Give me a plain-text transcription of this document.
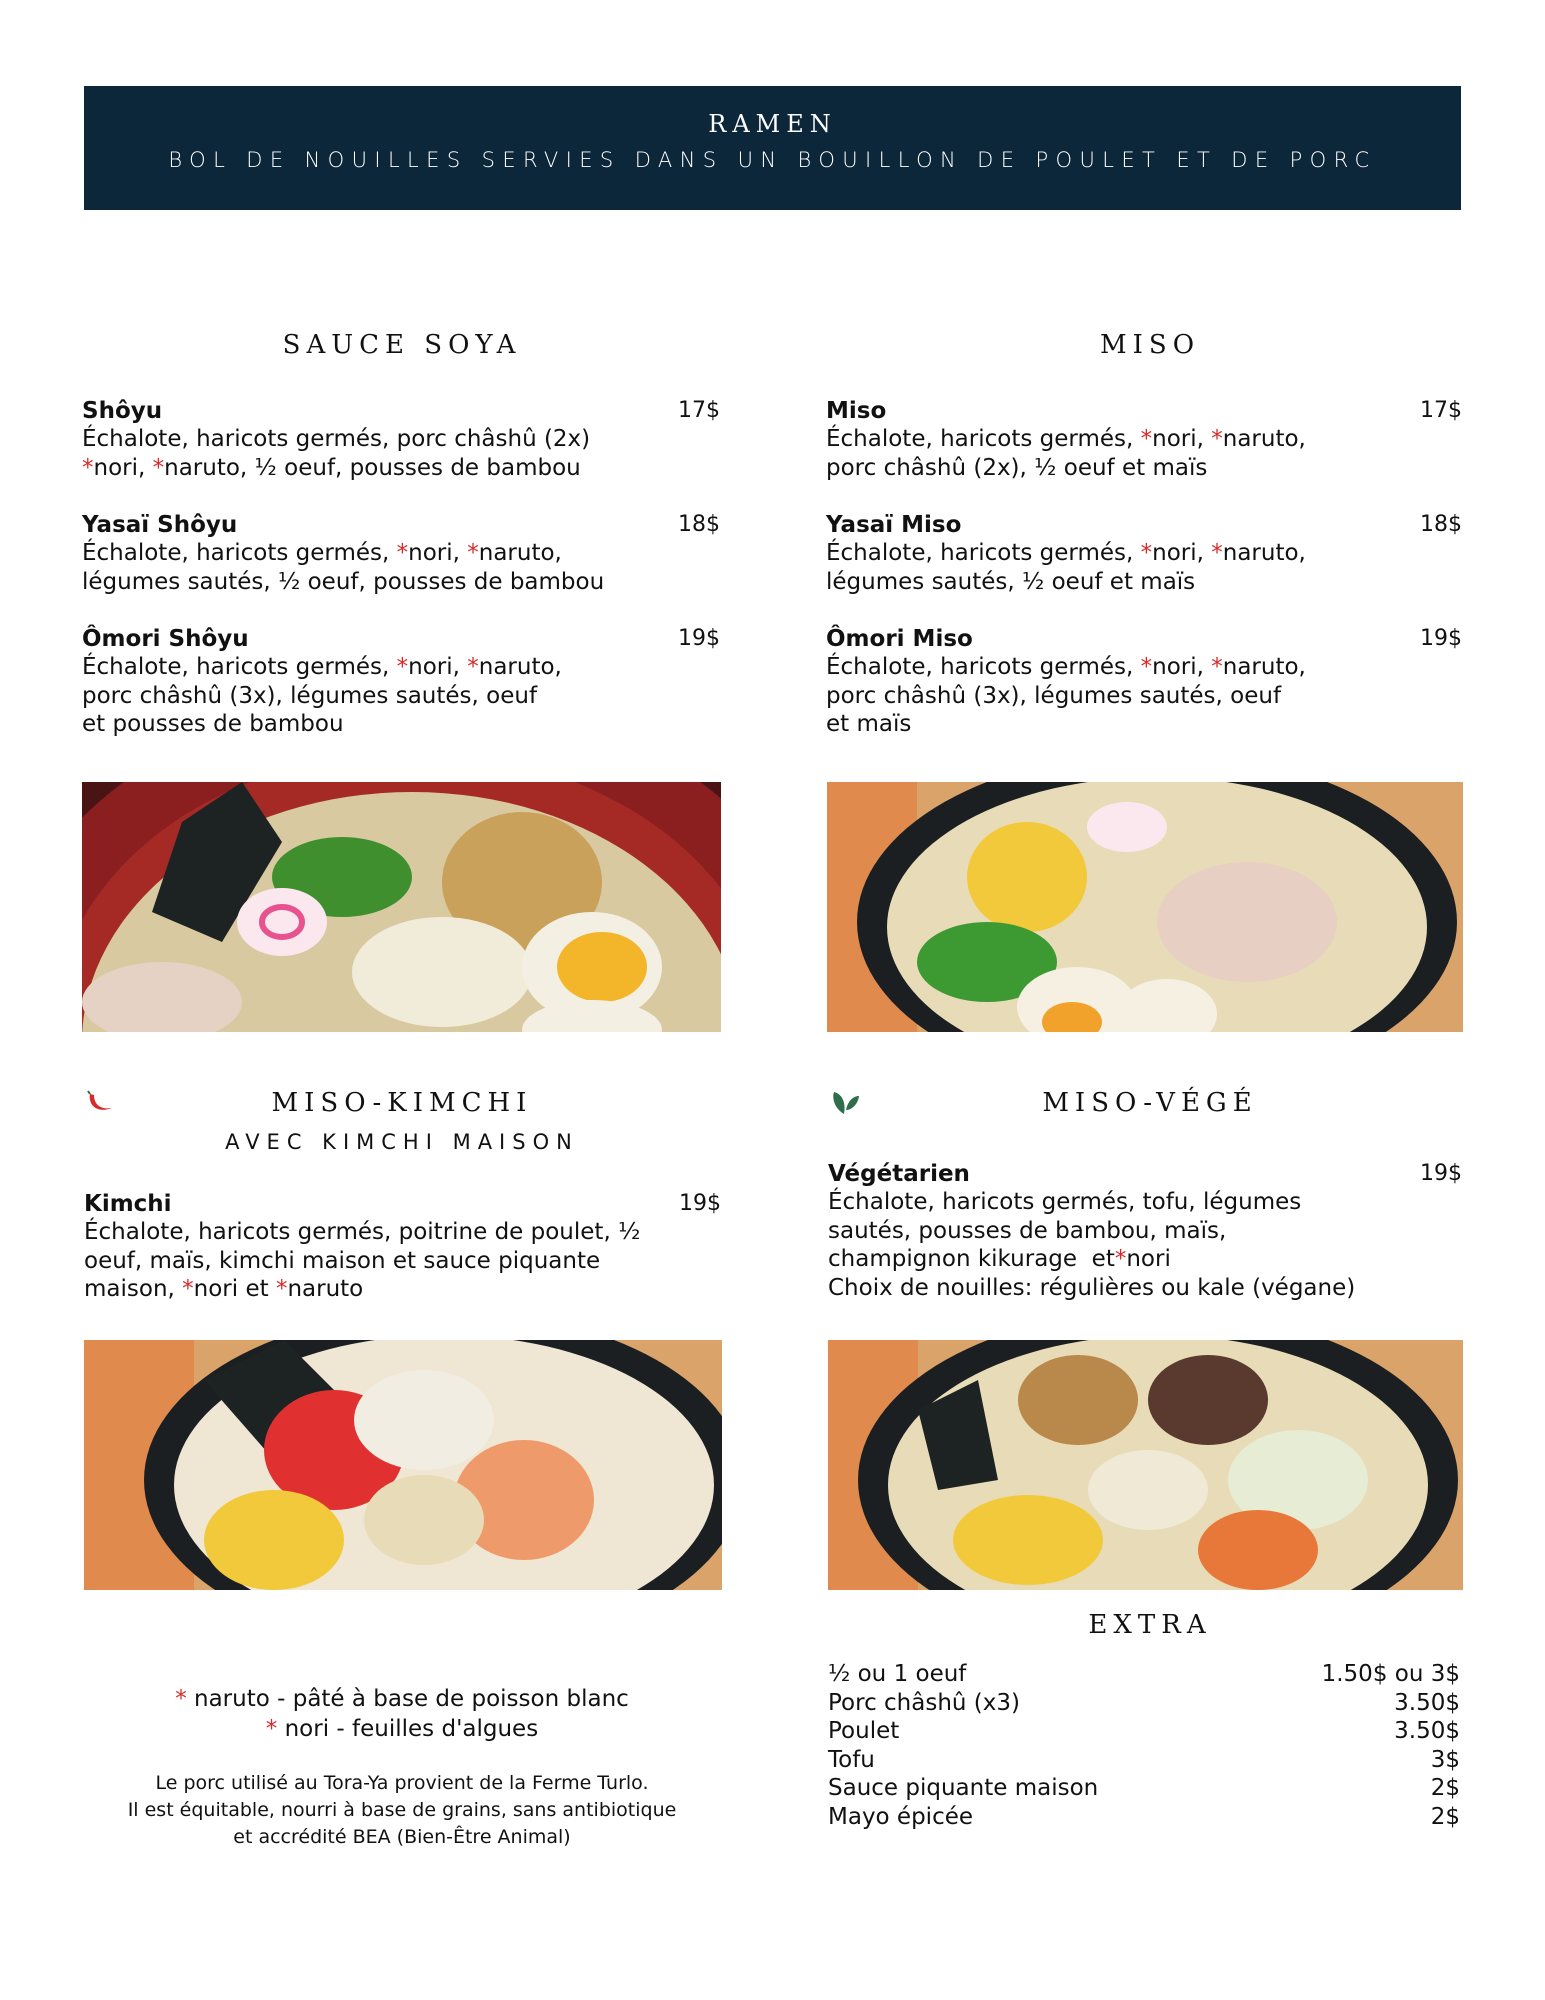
RAMEN
BOL DE NOUILLES SERVIES DANS UN BOUILLON DE POULET ET DE PORC
SAUCE SOYA
Shôyu	17$
Échalote, haricots germés, porc châshû (2x)
*nori, *naruto, ½ oeuf, pousses de bambou
Yasaï Shôyu	18$
Échalote, haricots germés, *nori, *naruto,
légumes sautés, ½ oeuf, pousses de bambou
Ômori Shôyu	19$
Échalote, haricots germés, *nori, *naruto,
porc châshû (3x), légumes sautés, oeuf
et pousses de bambou
MISO
Miso	17$
Échalote, haricots germés, *nori, *naruto,
porc châshû (2x), ½ oeuf et maïs
Yasaï Miso	18$
Échalote, haricots germés, *nori, *naruto,
légumes sautés, ½ oeuf et maïs
Ômori Miso	19$
Échalote, haricots germés, *nori, *naruto,
porc châshû (3x), légumes sautés, oeuf
et maïs
MISO-KIMCHI
AVEC KIMCHI MAISON
Kimchi	19$
Échalote, haricots germés, poitrine de poulet, ½
oeuf, maïs, kimchi maison et sauce piquante
maison, *nori et *naruto
MISO-VÉGÉ
Végétarien	19$
Échalote, haricots germés, tofu, légumes
sautés, pousses de bambou, maïs,
champignon kikurage  et*nori
Choix de nouilles: régulières ou kale (végane)
EXTRA
½ ou 1 oeuf	1.50$ ou 3$
Porc châshû (x3)	3.50$
Poulet	3.50$
Tofu	3$
Sauce piquante maison	2$
Mayo épicée	2$
* naruto - pâté à base de poisson blanc
* nori - feuilles d'algues
Le porc utilisé au Tora-Ya provient de la Ferme Turlo.
Il est équitable, nourri à base de grains, sans antibiotique
et accrédité BEA (Bien-Être Animal)
